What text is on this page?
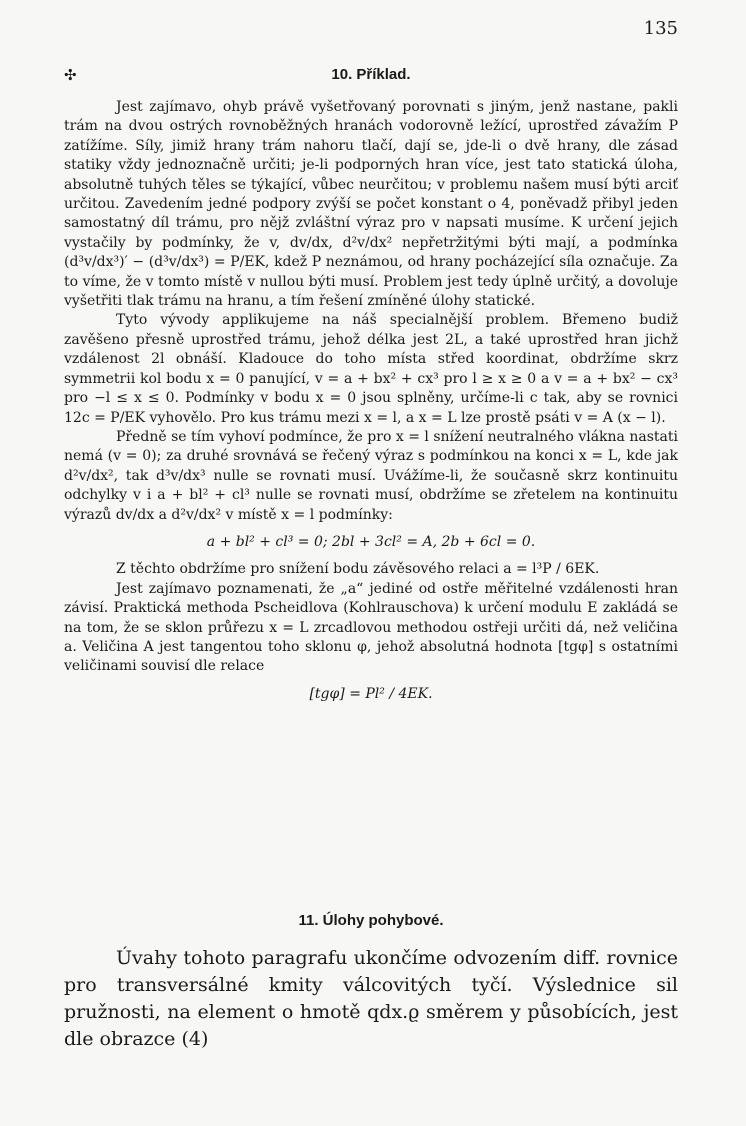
135
✣	10. Příklad.

Jest zajímavo, ohyb právě vyšetřovaný porovnati s jiným, jenž nastane, pakli trám na dvou ostrých rovnoběžných hranách vodorovně ležící, uprostřed závažím P zatížíme. Síly, jimiž hrany trám nahoru tlačí, dají se, jde-li o dvě hrany, dle zásad statiky vždy jednoznačně určiti; je-li podporných hran více, jest tato statická úloha, absolutně tuhých těles se týkající, vůbec neurčitou; v problemu našem musí býti arciť určitou. Zavedením jedné podpory zvýší se počet konstant o 4, poněvadž přibyl jeden samostatný díl trámu, pro nějž zvláštní výraz pro v napsati musíme. K určení jejich vystačily by podmínky, že v, dv/dx, d²v/dx² nepřetržitými býti mají, a podmínka (d³v/dx³)′ − (d³v/dx³) = P/EK, kdež P neznámou, od hrany pocházející síla označuje. Za to víme, že v tomto místě v nullou býti musí. Problem jest tedy úplně určitý, a dovoluje vyšetřiti tlak trámu na hranu, a tím řešení zmíněné úlohy statické.

Tyto vývody applikujeme na náš specialnější problem. Břemeno budiž zavěšeno přesně uprostřed trámu, jehož délka jest 2L, a také uprostřed hran jichž vzdálenost 2l obnáší. Kladouce do toho místa střed koordinat, obdržíme skrz symmetrii kol bodu x = 0 panující, v = a + bx² + cx³ pro l ≥ x ≥ 0 a v = a + bx² − cx³ pro −l ≤ x ≤ 0. Podmínky v bodu x = 0 jsou splněny, určíme-li c tak, aby se rovnici 12c = P/EK vyhovělo. Pro kus trámu mezi x = l, a x = L lze prostě psáti v = A (x − l).

Předně se tím vyhoví podmínce, že pro x = l snížení neutralného vlákna nastati nemá (v = 0); za druhé srovnává se řečený výraz s podmínkou na konci x = L, kde jak d²v/dx², tak d³v/dx³ nulle se rovnati musí. Uvážíme-li, že současně skrz kontinuitu odchylky v i a + bl² + cl³ nulle se rovnati musí, obdržíme se zřetelem na kontinuitu výrazů dv/dx a d²v/dx² v místě x = l podmínky:

a + bl² + cl³ = 0; 2bl + 3cl² = A, 2b + 6cl = 0.

Z těchto obdržíme pro snížení bodu závěsového relaci a = l³P / 6EK.

Jest zajímavo poznamenati, že „a“ jediné od ostře měřitelné vzdálenosti hran závisí. Praktická methoda Pscheidlova (Kohlrauschova) k určení modulu E zakládá se na tom, že se sklon průřezu x = L zrcadlovou methodou ostřeji určiti dá, než veličina a. Veličina A jest tangentou toho sklonu φ, jehož absolutná hodnota [tgφ] s ostatními veličinami souvisí dle relace

[tgφ] = Pl² / 4EK.
11. Úlohy pohybové.

Úvahy tohoto paragrafu ukončíme odvozením diff. rovnice pro transversálné kmity válcovitých tyčí. Výslednice sil pružnosti, na element o hmotě qdx.ϱ směrem y působících, jest dle obrazce (4)
